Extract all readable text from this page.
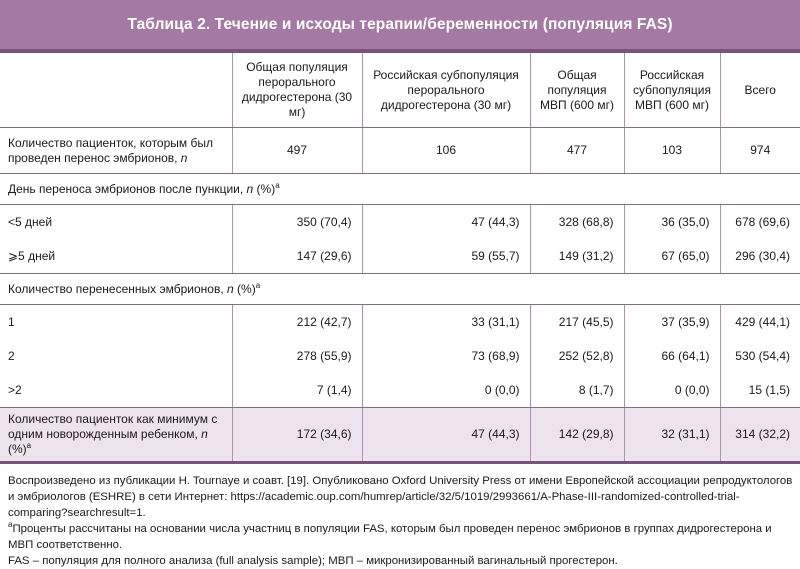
Таблица 2. Течение и исходы терапии/беременности (популяция FAS)
	Общая популяция перорального дидрогестерона (30 мг)	Российская субпопуляция перорального дидрогестерона (30 мг)	Общая популяция МВП (600 мг)	Российская субпопуляция МВП (600 мг)	Всего
Количество пациенток, которым был проведен перенос эмбрионов, n	497	106	477	103	974
День переноса эмбрионов после пункции, n (%)$^a$
<5 дней	350 (70,4)	47 (44,3)	328 (68,8)	36 (35,0)	678 (69,6)
⩾5 дней	147 (29,6)	59 (55,7)	149 (31,2)	67 (65,0)	296 (30,4)
Количество перенесенных эмбрионов, n (%)$^a$
1	212 (42,7)	33 (31,1)	217 (45,5)	37 (35,9)	429 (44,1)
2	278 (55,9)	73 (68,9)	252 (52,8)	66 (64,1)	530 (54,4)
>2	7 (1,4)	0 (0,0)	8 (1,7)	0 (0,0)	15 (1,5)
Количество пациенток как минимум с одним новорожденным ребенком, n (%)$^a$	172 (34,6)	47 (44,3)	142 (29,8)	32 (31,1)	314 (32,2)

Воспроизведено из публикации H. Tournaye и соавт. [19]. Опубликовано Oxford University Press от имени Европейской ассоциации репродуктологов и эмбриологов (ESHRE) в сети Интернет: https://academic.oup.com/humrep/article/32/5/1019/2993661/A-Phase-III-randomized-controlled-trial-comparing?searchresult=1.

$^a$Проценты рассчитаны на основании числа участниц в популяции FAS, которым был проведен перенос эмбрионов в группах дидрогестерона и МВП соответственно.

FAS – популяция для полного анализа (full analysis sample); МВП – микронизированный вагинальный прогестерон.
